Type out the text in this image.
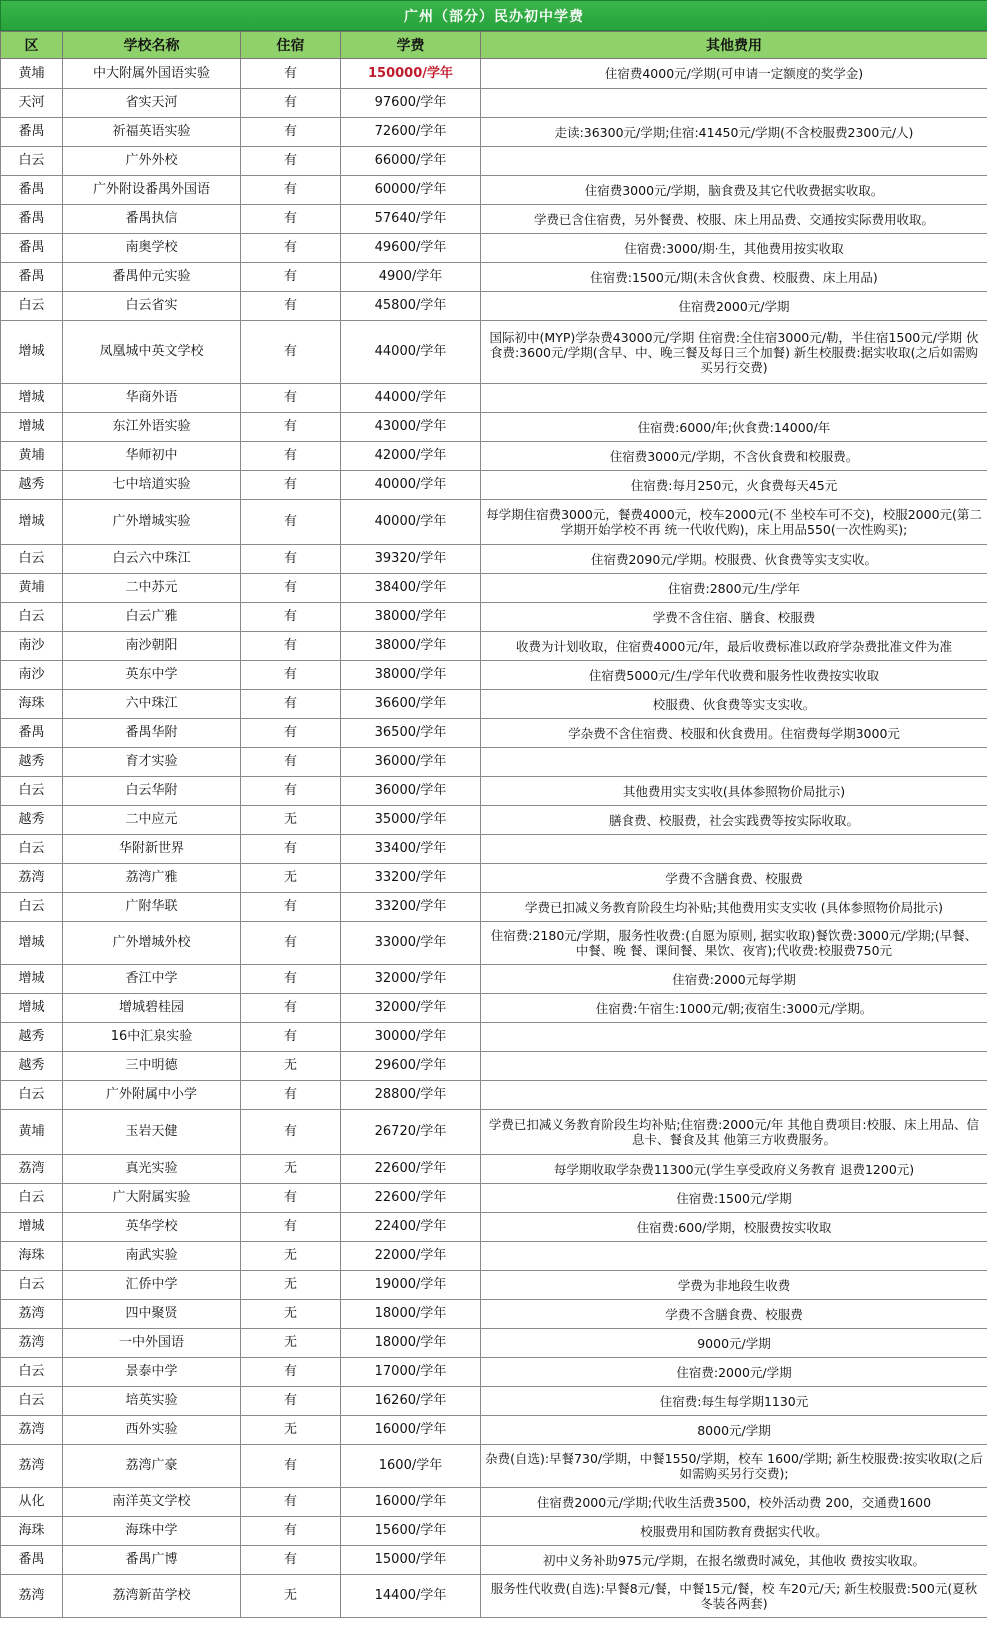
广州（部分）民办初中学费
区	学校名称	住宿	学费	其他费用
黄埔	中大附属外国语实验	有	150000/学年	住宿费4000元/学期(可申请一定额度的奖学金)
天河	省实天河	有	97600/学年	
番禺	祈福英语实验	有	72600/学年	走读:36300元/学期;住宿:41450元/学期(不含校服费2300元/人)
白云	广外外校	有	66000/学年	
番禺	广外附设番禺外国语	有	60000/学年	住宿费3000元/学期，脑食费及其它代收费据实收取。
番禺	番禺执信	有	57640/学年	学费已含住宿费，另外餐费、校服、床上用品费、交通按实际费用收取。
番禺	南奥学校	有	49600/学年	住宿费:3000/期·生，其他费用按实收取
番禺	番禺仲元实验	有	4900/学年	住宿费:1500元/期(未含伙食费、校服费、床上用品)
白云	白云省实	有	45800/学年	住宿费2000元/学期
增城	凤凰城中英文学校	有	44000/学年	国际初中(MYP)学杂费43000元/学期 住宿费:全住宿3000元/勒，半住宿1500元/学期 伙食费:3600元/学期(含早、中、晚三餐及每日三个加餐) 新生校服费:据实收取(之后如需购买另行交费)
增城	华商外语	有	44000/学年	
增城	东江外语实验	有	43000/学年	住宿费:6000/年;伙食费:14000/年
黄埔	华师初中	有	42000/学年	住宿费3000元/学期，不含伙食费和校服费。
越秀	七中培道实验	有	40000/学年	住宿费:每月250元，火食费每天45元
增城	广外增城实验	有	40000/学年	每学期住宿费3000元，餐费4000元，校车2000元(不 坐校车可不交)，校服2000元(第二学期开始学校不再 统一代收代购)，床上用品550(一次性购买);
白云	白云六中珠江	有	39320/学年	住宿费2090元/学期。校服费、伙食费等实支实收。
黄埔	二中苏元	有	38400/学年	住宿费:2800元/生/学年
白云	白云广雅	有	38000/学年	学费不含住宿、膳食、校服费
南沙	南沙朝阳	有	38000/学年	收费为计划收取，住宿费4000元/年，最后收费标准以政府学杂费批准文件为准
南沙	英东中学	有	38000/学年	住宿费5000元/生/学年代收费和服务性收费按实收取
海珠	六中珠江	有	36600/学年	校服费、伙食费等实支实收。
番禺	番禺华附	有	36500/学年	学杂费不含住宿费、校服和伙食费用。住宿费每学期3000元
越秀	育才实验	有	36000/学年	
白云	白云华附	有	36000/学年	其他费用实支实收(具体参照物价局批示)
越秀	二中应元	无	35000/学年	膳食费、校服费，社会实践费等按实际收取。
白云	华附新世界	有	33400/学年	
荔湾	荔湾广雅	无	33200/学年	学费不含膳食费、校服费
白云	广附华联	有	33200/学年	学费已扣减义务教育阶段生均补贴;其他费用实支实收 (具体参照物价局批示)
增城	广外增城外校	有	33000/学年	住宿费:2180元/学期，服务性收费:(自愿为原则, 据实收取)餐饮费:3000元/学期;(早餐、中餐、晚 餐、课间餐、果饮、夜宵);代收费:校服费750元
增城	香江中学	有	32000/学年	住宿费:2000元每学期
增城	增城碧桂园	有	32000/学年	住宿费:午宿生:1000元/朝;夜宿生:3000元/学期。
越秀	16中汇泉实验	有	30000/学年	
越秀	三中明德	无	29600/学年	
白云	广外附属中小学	有	28800/学年	
黄埔	玉岩天健	有	26720/学年	学费已扣减义务教育阶段生均补贴;住宿费:2000元/年 其他自费项目:校服、床上用品、信息卡、餐食及其 他第三方收费服务。
荔湾	真光实验	无	22600/学年	每学期收取学杂费11300元(学生享受政府义务教育 退费1200元)
白云	广大附属实验	有	22600/学年	住宿费:1500元/学期
增城	英华学校	有	22400/学年	住宿费:600/学期，校服费按实收取
海珠	南武实验	无	22000/学年	
白云	汇侨中学	无	19000/学年	学费为非地段生收费
荔湾	四中聚贤	无	18000/学年	学费不含膳食费、校服费
荔湾	一中外国语	无	18000/学年	9000元/学期
白云	景泰中学	有	17000/学年	住宿费:2000元/学期
白云	培英实验	有	16260/学年	住宿费:每生每学期1130元
荔湾	西外实验	无	16000/学年	8000元/学期
荔湾	荔湾广豪	有	1600/学年	杂费(自选):早餐730/学期，中餐1550/学期，校车 1600/学期; 新生校服费:按实收取(之后如需购买另行交费);
从化	南洋英文学校	有	16000/学年	住宿费2000元/学期;代收生活费3500，校外活动费 200，交通费1600
海珠	海珠中学	有	15600/学年	校服费用和国防教育费据实代收。
番禺	番禺广博	有	15000/学年	初中义务补助975元/学期，在报名缴费时减免，其他收 费按实收取。
荔湾	荔湾新苗学校	无	14400/学年	服务性代收费(自选):早餐8元/餐，中餐15元/餐，校 车20元/天; 新生校服费:500元(夏秋冬装各两套)
